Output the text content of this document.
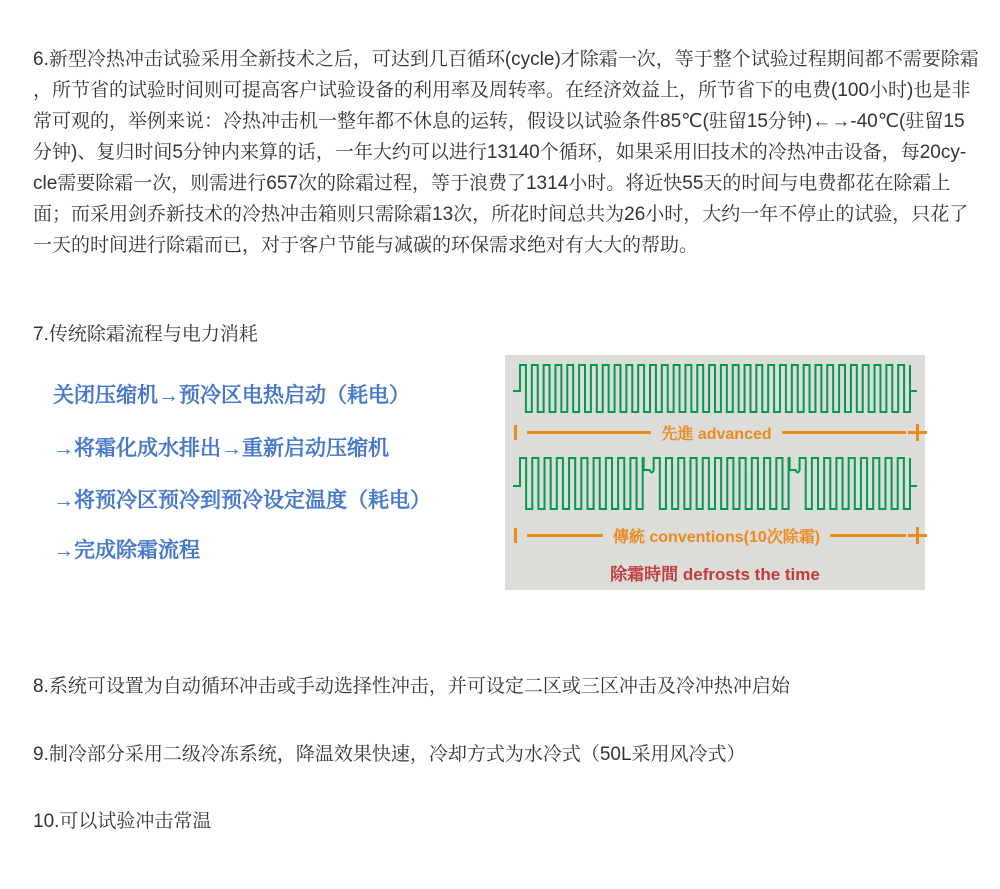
6.新型冷热冲击试验采用全新技术之后，可达到几百循环(cycle)才除霜一次，等于整个试验过程期间都不需要除霜
，所节省的试验时间则可提高客户试验设备的利用率及周转率。在经济效益上，所节省下的电费(100小时)也是非
常可观的，举例来说：冷热冲击机一整年都不休息的运转，假设以试验条件85℃(驻留15分钟)←→-40℃(驻留15
分钟)、复归时间5分钟内来算的话，一年大约可以进行13140个循环，如果采用旧技术的冷热冲击设备，每20cy-
cle需要除霜一次，则需进行657次的除霜过程，等于浪费了1314小时。将近快55天的时间与电费都花在除霜上
面；而采用剑乔新技术的冷热冲击箱则只需除霜13次，所花时间总共为26小时，大约一年不停止的试验，只花了
一天的时间进行除霜而已，对于客户节能与减碳的环保需求绝对有大大的帮助。
7.传统除霜流程与电力消耗
关闭压缩机→预冷区电热启动（耗电）
→将霜化成水排出→重新启动压缩机
→将预冷区预冷到预冷设定温度（耗电）
→完成除霜流程
先進 advanced
傳統 conventions(10次除霜)
除霜時間 defrosts the time
8.系统可设置为自动循环冲击或手动选择性冲击，并可设定二区或三区冲击及冷冲热冲启始
9.制冷部分采用二级冷冻系统，降温效果快速，冷却方式为水冷式（50L采用风冷式）
10.可以试验冲击常温
